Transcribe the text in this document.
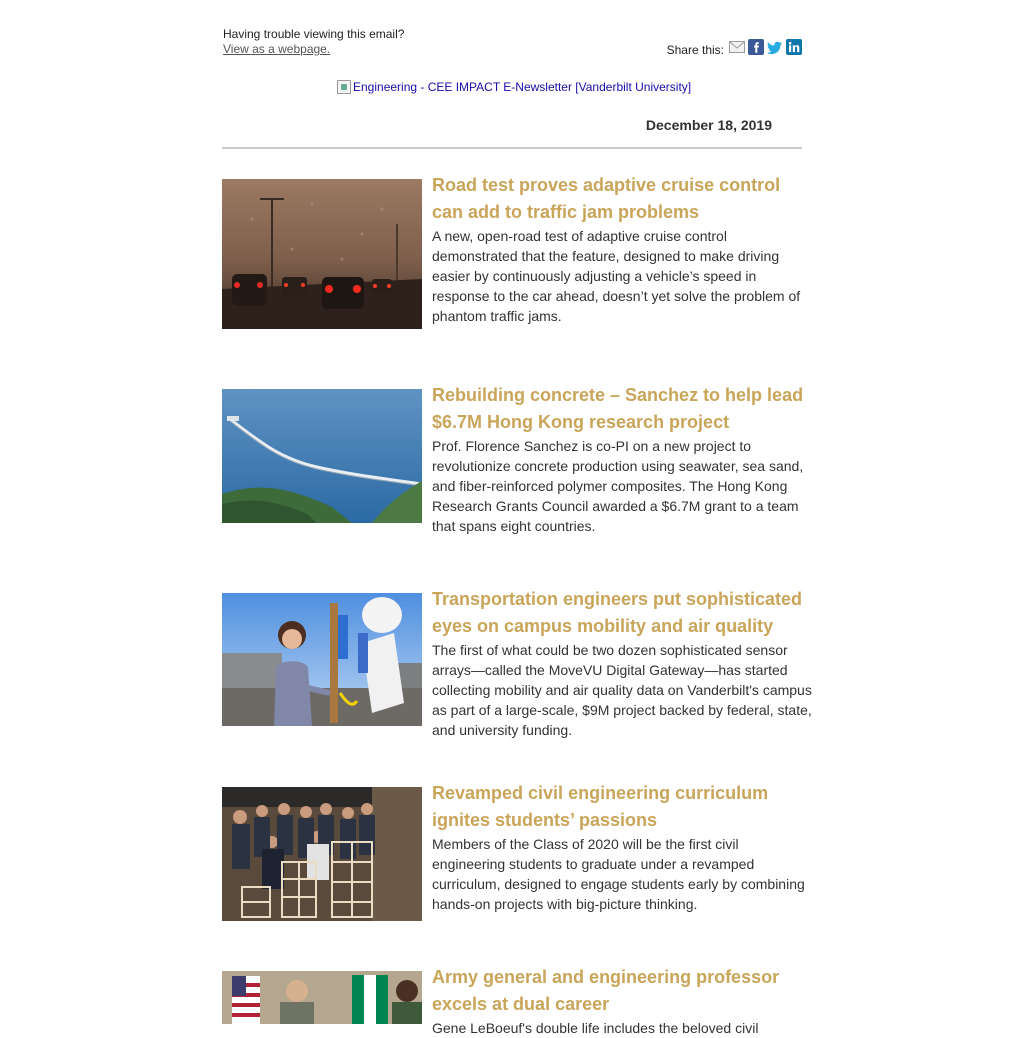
Having trouble viewing this email?
View as a webpage.	Share this:
Engineering - CEE IMPACT E-Newsletter [Vanderbilt University]
December 18, 2019

Road test proves adaptive cruise control can add to traffic jam problems

A new, open-road test of adaptive cruise control demonstrated that the feature, designed to make driving easier by continuously adjusting a vehicle’s speed in response to the car ahead, doesn’t yet solve the problem of phantom traffic jams.

Rebuilding concrete – Sanchez to help lead $6.7M Hong Kong research project

Prof. Florence Sanchez is co-PI on a new project to revolutionize concrete production using seawater, sea sand, and fiber-reinforced polymer composites. The Hong Kong Research Grants Council awarded a $6.7M grant to a team that spans eight countries.

Transportation engineers put sophisticated eyes on campus mobility and air quality

The first of what could be two dozen sophisticated sensor arrays—called the MoveVU Digital Gateway—has started collecting mobility and air quality data on Vanderbilt's campus as part of a large-scale, $9M project backed by federal, state, and university funding.

Revamped civil engineering curriculum ignites students’ passions

Members of the Class of 2020 will be the first civil engineering students to graduate under a revamped curriculum, designed to engage students early by combining hands-on projects with big-picture thinking.

Army general and engineering professor excels at dual career

Gene LeBoeuf's double life includes the beloved civil
